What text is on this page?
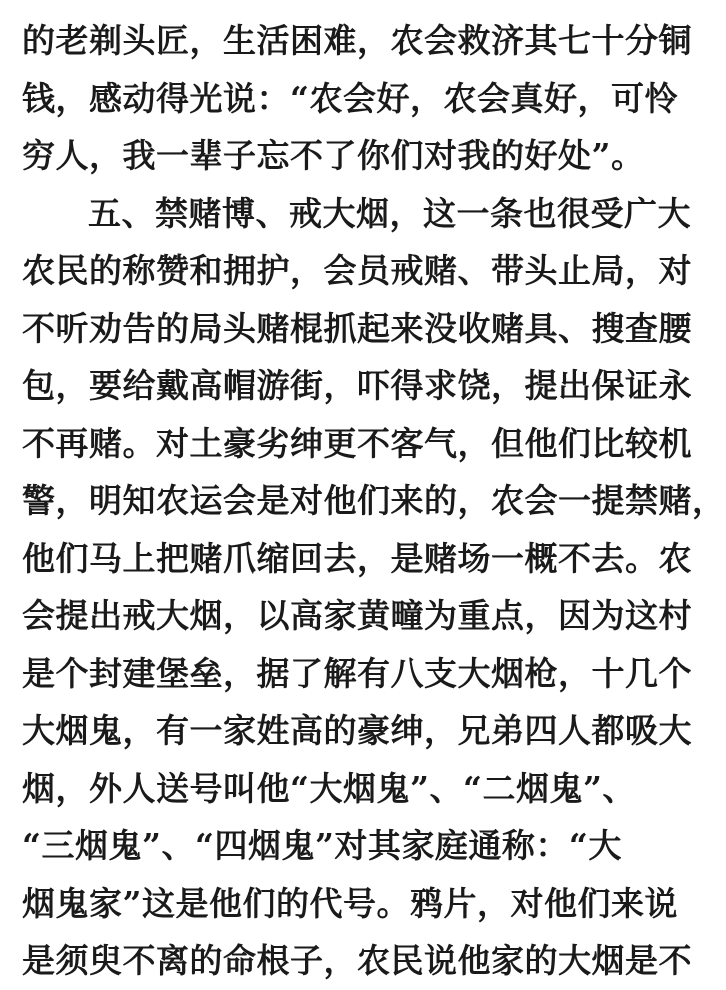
的老剃头匠，生活困难，农会救济其七十分铜
钱，感动得光说：“农会好，农会真好，可怜
穷人，我一辈子忘不了你们对我的好处”。
五、禁赌博、戒大烟，这一条也很受广大
农民的称赞和拥护，会员戒赌、带头止局，对
不听劝告的局头赌棍抓起来没收赌具、搜查腰
包，要给戴高帽游街，吓得求饶，提出保证永
不再赌。对土豪劣绅更不客气，但他们比较机
警，明知农运会是对他们来的，农会一提禁赌，
他们马上把赌爪缩回去，是赌场一概不去。农
会提出戒大烟，以高家黄疃为重点，因为这村
是个封建堡垒，据了解有八支大烟枪，十几个
大烟鬼，有一家姓高的豪绅，兄弟四人都吸大
烟，外人送号叫他“大烟鬼”、“二烟鬼”、
“三烟鬼”、“四烟鬼”对其家庭通称：“大
烟鬼家”这是他们的代号。鸦片，对他们来说
是须臾不离的命根子，农民说他家的大烟是不
